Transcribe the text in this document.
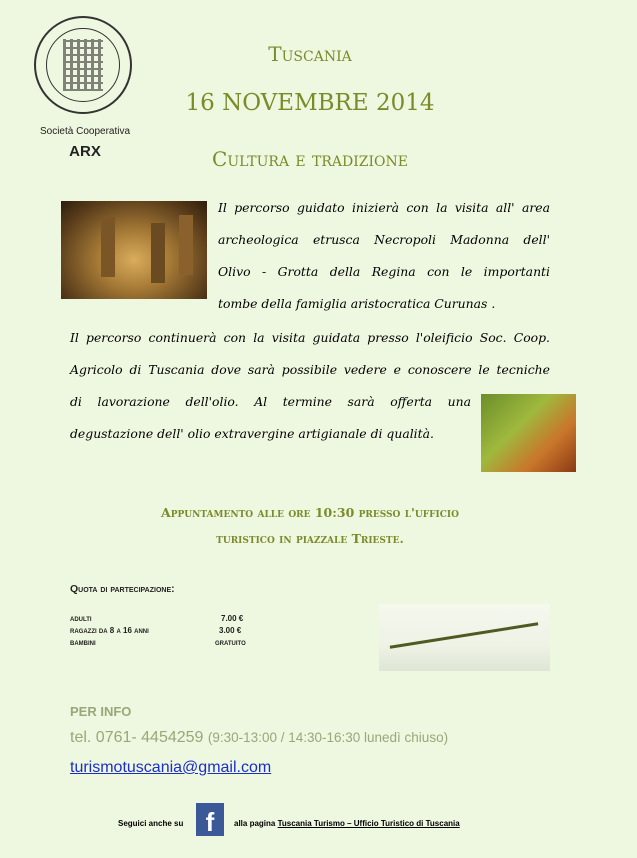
Società Cooperativa
ARX
Tuscania
16 NOVEMBRE 2014
Cultura e tradizione
Il percorso guidato inizierà con la visita all' area
archeologica etrusca Necropoli Madonna dell'
Olivo - Grotta della Regina con le importanti
tombe della famiglia aristocratica Curunas .
Il percorso continuerà con la visita guidata presso l'oleificio Soc. Coop.
Agricolo di Tuscania dove sarà possibile vedere e conoscere le tecniche
di lavorazione dell'olio. Al termine sarà offerta una
degustazione dell' olio extravergine artigianale di qualità.
Appuntamento alle ore 10:30 presso l'ufficio
turistico in piazzale Trieste.
Quota di partecipazione:
adulti	7.00 €
ragazzi da 8 a 16 anni	3.00 €
bambini	gratuito
PER INFO
tel. 0761- 4454259 (9:30-13:00 / 14:30-16:30 lunedì chiuso)
turismotuscania@gmail.com
Seguici anche su f	alla pagina Tuscania Turismo – Ufficio Turistico di Tuscania
